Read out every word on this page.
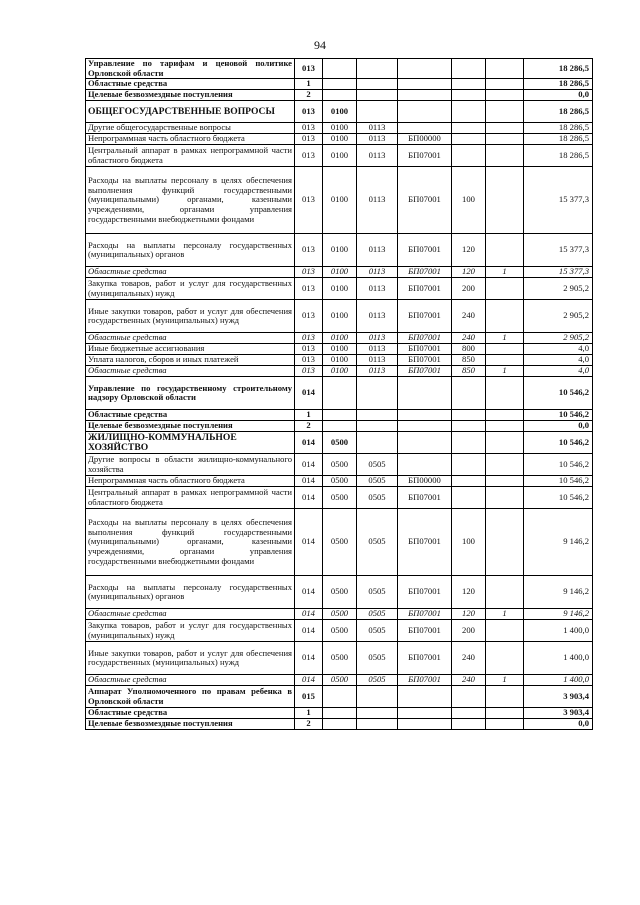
94
Управление по тарифам и ценовой политике Орловской области	013						18 286,5
Областные средства	1						18 286,5
Целевые безвозмездные поступления	2						0,0
ОБЩЕГОСУДАРСТВЕННЫЕ ВОПРОСЫ	013	0100					18 286,5
Другие общегосударственные вопросы	013	0100	0113				18 286,5
Непрограммная часть областного бюджета	013	0100	0113	БП00000			18 286,5
Центральный аппарат в рамках непрограммной части областного бюджета	013	0100	0113	БП07001			18 286,5
Расходы на выплаты персоналу в целях обеспечения выполнения функций государственными (муниципальными) органами, казенными учреждениями, органами управления государственными внебюджетными фондами	013	0100	0113	БП07001	100		15 377,3
Расходы на выплаты персоналу государственных (муниципальных) органов	013	0100	0113	БП07001	120		15 377,3
Областные средства	013	0100	0113	БП07001	120	1	15 377,3
Закупка товаров, работ и услуг для государственных (муниципальных) нужд	013	0100	0113	БП07001	200		2 905,2
Иные закупки товаров, работ и услуг для обеспечения государственных (муниципальных) нужд	013	0100	0113	БП07001	240		2 905,2
Областные средства	013	0100	0113	БП07001	240	1	2 905,2
Иные бюджетные ассигнования	013	0100	0113	БП07001	800		4,0
Уплата налогов, сборов и иных платежей	013	0100	0113	БП07001	850		4,0
Областные средства	013	0100	0113	БП07001	850	1	4,0
Управление по государственному строительному надзору Орловской области	014						10 546,2
Областные средства	1						10 546,2
Целевые безвозмездные поступления	2						0,0
ЖИЛИЩНО-КОММУНАЛЬНОЕ ХОЗЯЙСТВО	014	0500					10 546,2
Другие вопросы в области жилищно-коммунального хозяйства	014	0500	0505				10 546,2
Непрограммная часть областного бюджета	014	0500	0505	БП00000			10 546,2
Центральный аппарат в рамках непрограммной части областного бюджета	014	0500	0505	БП07001			10 546,2
Расходы на выплаты персоналу в целях обеспечения выполнения функций государственными (муниципальными) органами, казенными учреждениями, органами управления государственными внебюджетными фондами	014	0500	0505	БП07001	100		9 146,2
Расходы на выплаты персоналу государственных (муниципальных) органов	014	0500	0505	БП07001	120		9 146,2
Областные средства	014	0500	0505	БП07001	120	1	9 146,2
Закупка товаров, работ и услуг для государственных (муниципальных) нужд	014	0500	0505	БП07001	200		1 400,0
Иные закупки товаров, работ и услуг для обеспечения государственных (муниципальных) нужд	014	0500	0505	БП07001	240		1 400,0
Областные средства	014	0500	0505	БП07001	240	1	1 400,0
Аппарат Уполномоченного по правам ребенка в Орловской области	015						3 903,4
Областные средства	1						3 903,4
Целевые безвозмездные поступления	2						0,0
